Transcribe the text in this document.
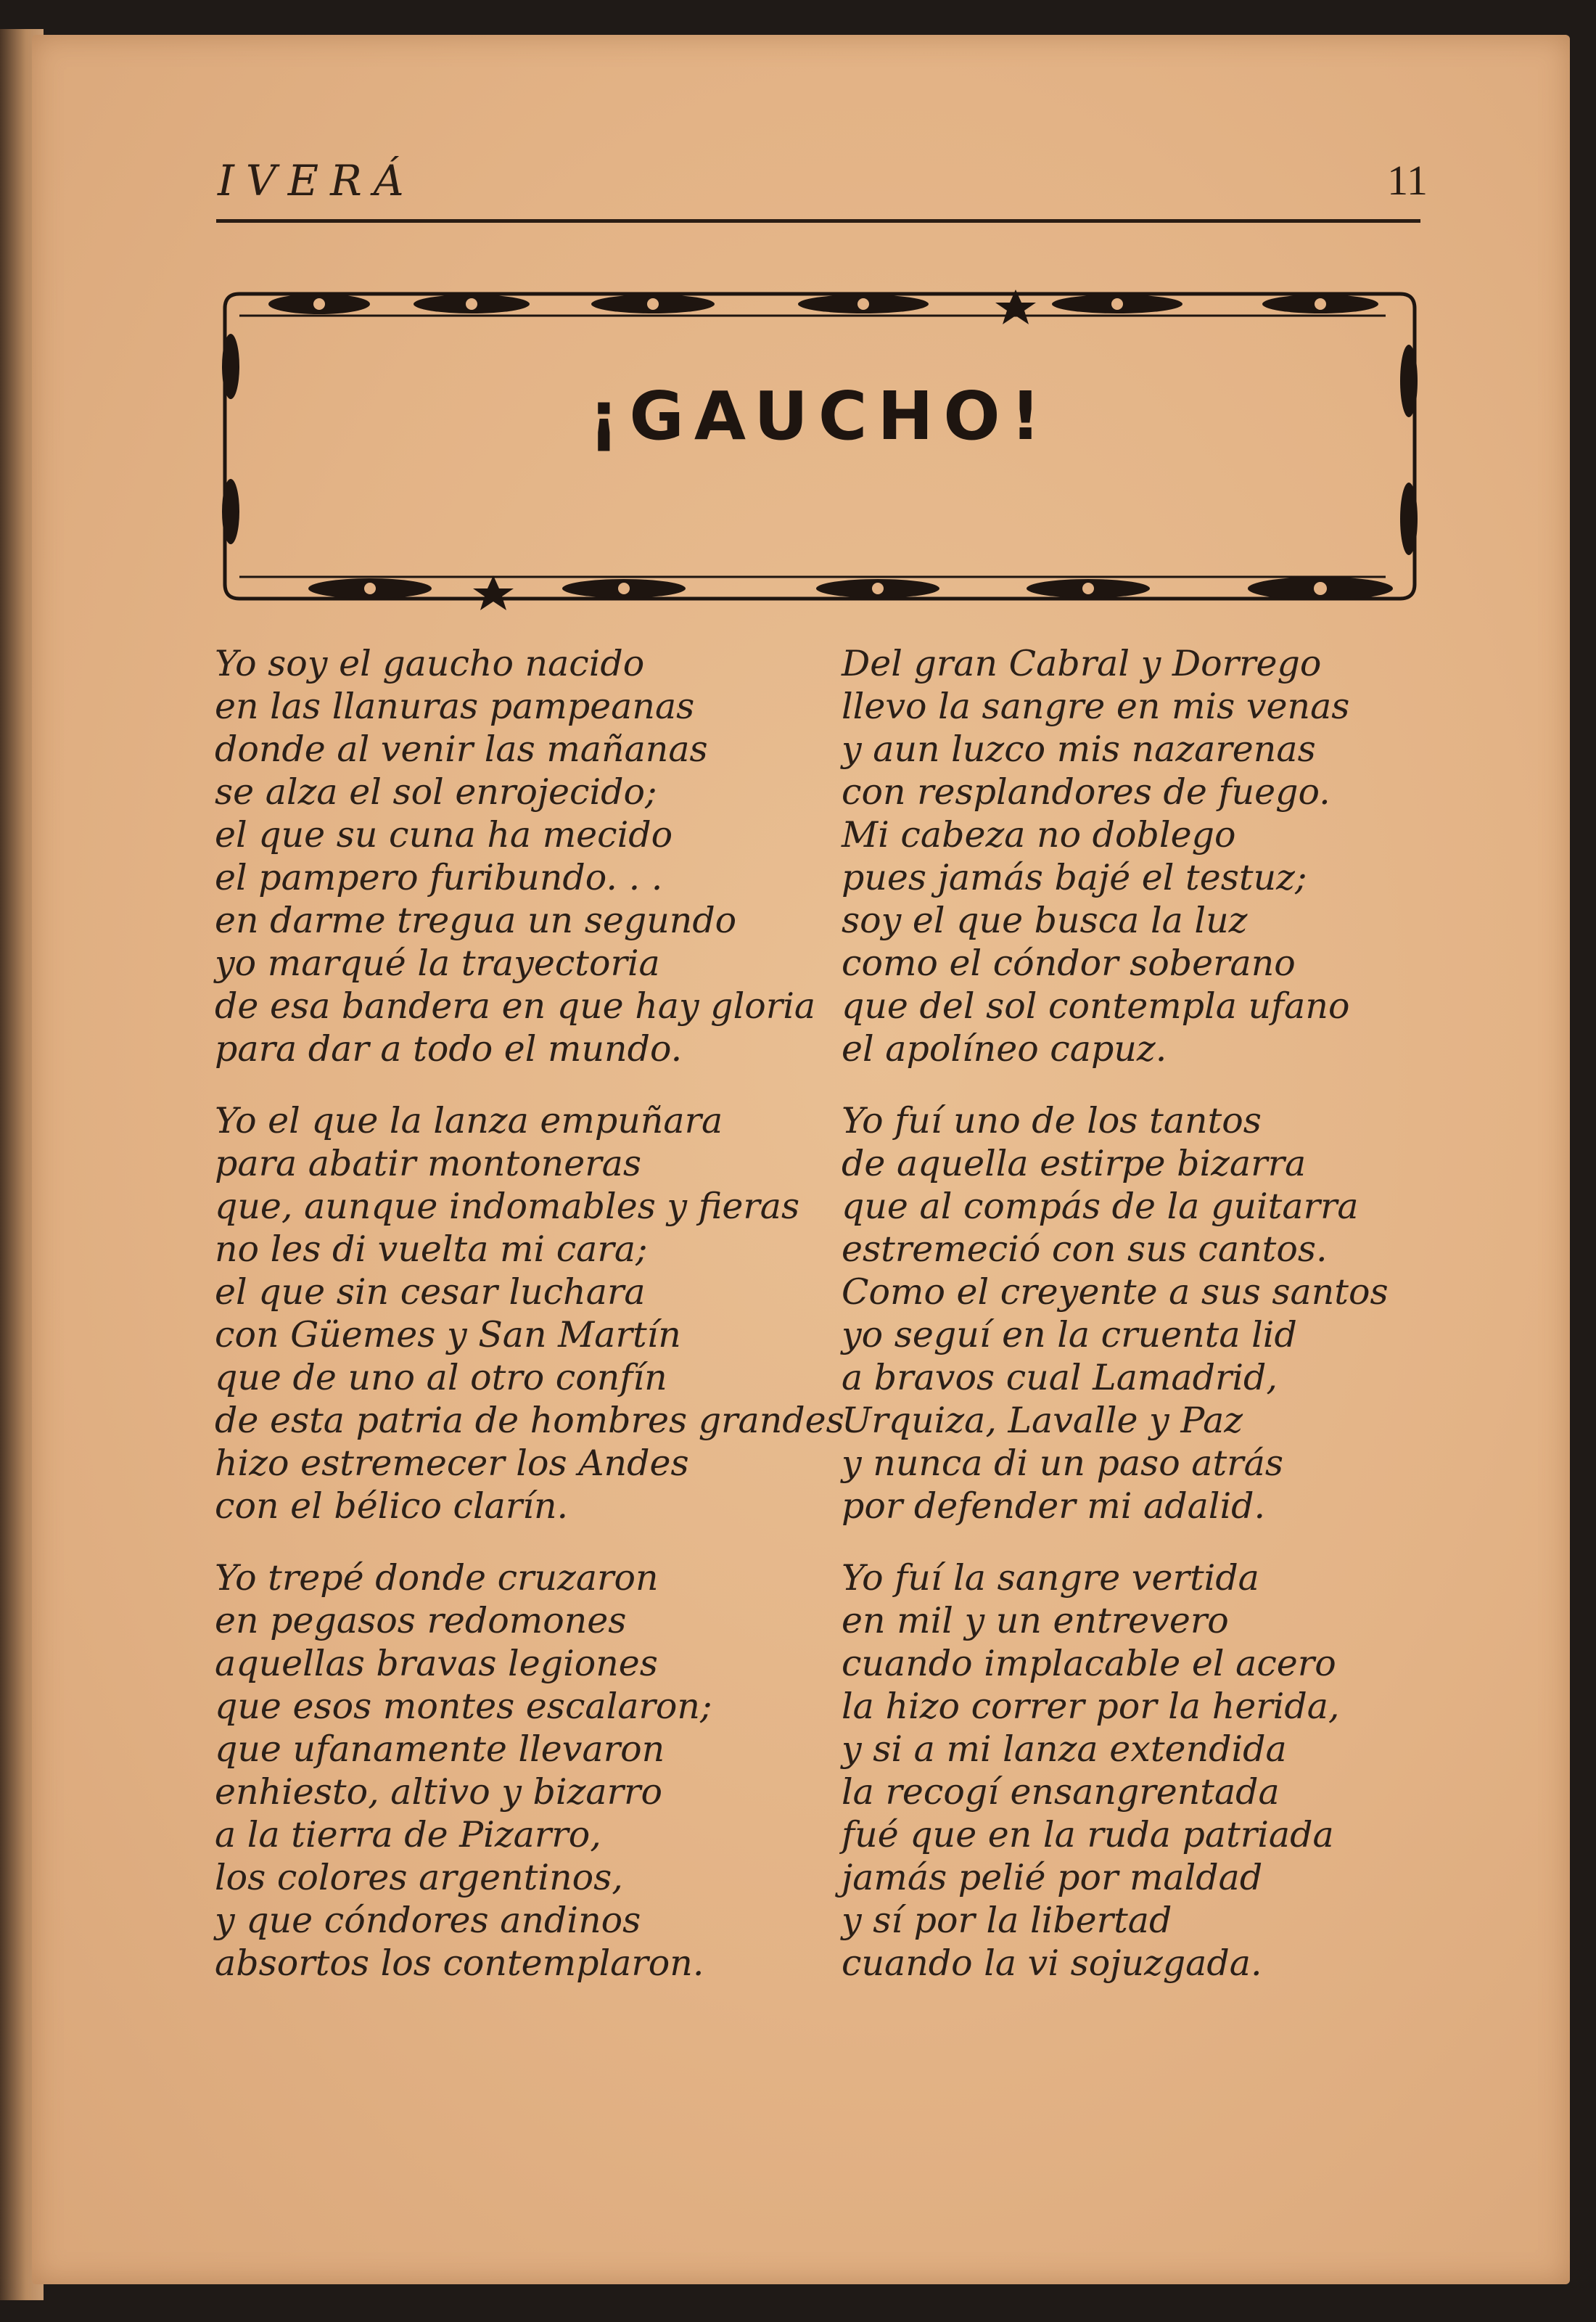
IVERÁ	11
¡GAUCHO!
Yo soy el gaucho nacido
en las llanuras pampeanas
donde al venir las mañanas
se alza el sol enrojecido;
el que su cuna ha mecido
el pampero furibundo. . .
en darme tregua un segundo
yo marqué la trayectoria
de esa bandera en que hay gloria
para dar a todo el mundo.
Yo el que la lanza empuñara
para abatir montoneras
que, aunque indomables y fieras
no les di vuelta mi cara;
el que sin cesar luchara
con Güemes y San Martín
que de uno al otro confín
de esta patria de hombres grandes
hizo estremecer los Andes
con el bélico clarín.
Yo trepé donde cruzaron
en pegasos redomones
aquellas bravas legiones
que esos montes escalaron;
que ufanamente llevaron
enhiesto, altivo y bizarro
a la tierra de Pizarro,
los colores argentinos,
y que cóndores andinos
absortos los contemplaron.
Del gran Cabral y Dorrego
llevo la sangre en mis venas
y aun luzco mis nazarenas
con resplandores de fuego.
Mi cabeza no doblego
pues jamás bajé el testuz;
soy el que busca la luz
como el cóndor soberano
que del sol contempla ufano
el apolíneo capuz.
Yo fuí uno de los tantos
de aquella estirpe bizarra
que al compás de la guitarra
estremeció con sus cantos.
Como el creyente a sus santos
yo seguí en la cruenta lid
a bravos cual Lamadrid,
Urquiza, Lavalle y Paz
y nunca di un paso atrás
por defender mi adalid.
Yo fuí la sangre vertida
en mil y un entrevero
cuando implacable el acero
la hizo correr por la herida,
y si a mi lanza extendida
la recogí ensangrentada
fué que en la ruda patriada
jamás pelié por maldad
y sí por la libertad
cuando la vi sojuzgada.
